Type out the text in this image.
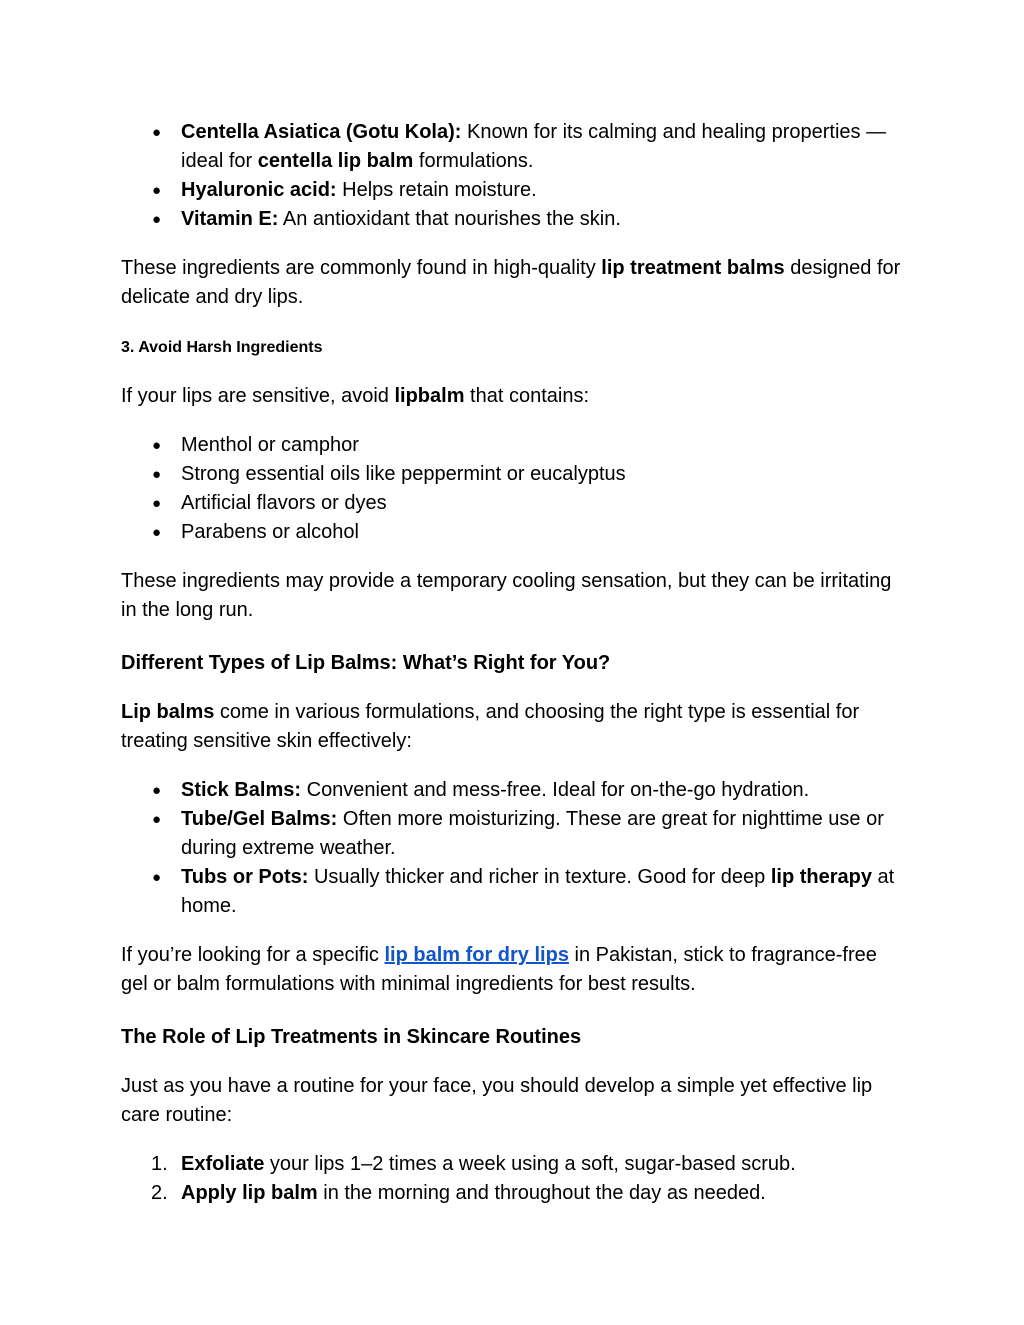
● Centella Asiatica (Gotu Kola): Known for its calming and healing properties — ideal for centella lip balm formulations.
● Hyaluronic acid: Helps retain moisture.
● Vitamin E: An antioxidant that nourishes the skin.

These ingredients are commonly found in high-quality lip treatment balms designed for delicate and dry lips.

3. Avoid Harsh Ingredients

If your lips are sensitive, avoid lipbalm that contains:

● Menthol or camphor
● Strong essential oils like peppermint or eucalyptus
● Artificial flavors or dyes
● Parabens or alcohol

These ingredients may provide a temporary cooling sensation, but they can be irritating in the long run.

Different Types of Lip Balms: What’s Right for You?

Lip balms come in various formulations, and choosing the right type is essential for treating sensitive skin effectively:

● Stick Balms: Convenient and mess-free. Ideal for on-the-go hydration.
● Tube/Gel Balms: Often more moisturizing. These are great for nighttime use or during extreme weather.
● Tubs or Pots: Usually thicker and richer in texture. Good for deep lip therapy at home.

If you’re looking for a specific lip balm for dry lips in Pakistan, stick to fragrance-free gel or balm formulations with minimal ingredients for best results.

The Role of Lip Treatments in Skincare Routines

Just as you have a routine for your face, you should develop a simple yet effective lip care routine:

1. Exfoliate your lips 1–2 times a week using a soft, sugar-based scrub.
2. Apply lip balm in the morning and throughout the day as needed.
